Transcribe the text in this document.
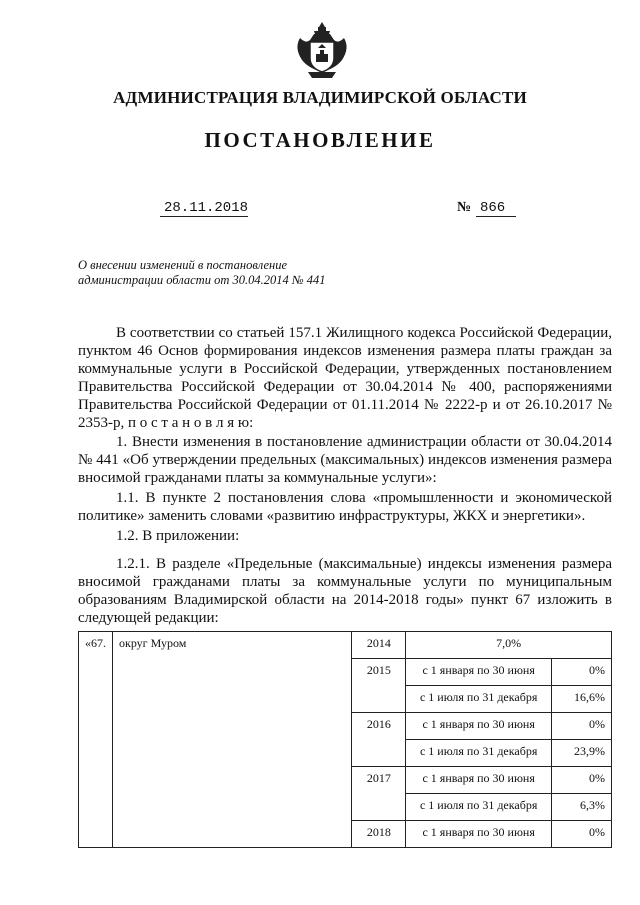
АДМИНИСТРАЦИЯ ВЛАДИМИРСКОЙ ОБЛАСТИ
ПОСТАНОВЛЕНИЕ
28.11.2018	№ 866
О внесении изменений в постановление
администрации области от 30.04.2014 № 441

В соответствии со статьей 157.1 Жилищного кодекса Российской Федерации, пунктом 46 Основ формирования индексов изменения размера платы граждан за коммунальные услуги в Российской Федерации, утвержденных постановлением Правительства Российской Федерации от 30.04.2014 № 400, распоряжениями Правительства Российской Федерации от 01.11.2014 № 2222-р и от 26.10.2017 № 2353-р, п о с т а н о в л я ю:

1. Внести изменения в постановление администрации области от 30.04.2014 № 441 «Об утверждении предельных (максимальных) индексов изменения размера вносимой гражданами платы за коммунальные услуги»:

1.1. В пункте 2 постановления слова «промышленности и экономической политике» заменить словами «развитию инфраструктуры, ЖКХ и энергетики».

1.2. В приложении:

1.2.1. В разделе «Предельные (максимальные) индексы изменения размера вносимой гражданами платы за коммунальные услуги по муниципальным образованиям Владимирской области на 2014-2018 годы» пункт 67 изложить в следующей редакции:

«67.	округ Муром	2014	7,0%	
		2015	с 1 января по 30 июня	0%
			с 1 июля по 31 декабря	16,6%
		2016	с 1 января по 30 июня	0%
			с 1 июля по 31 декабря	23,9%
		2017	с 1 января по 30 июня	0%
			с 1 июля по 31 декабря	6,3%
		2018	с 1 января по 30 июня	0%
